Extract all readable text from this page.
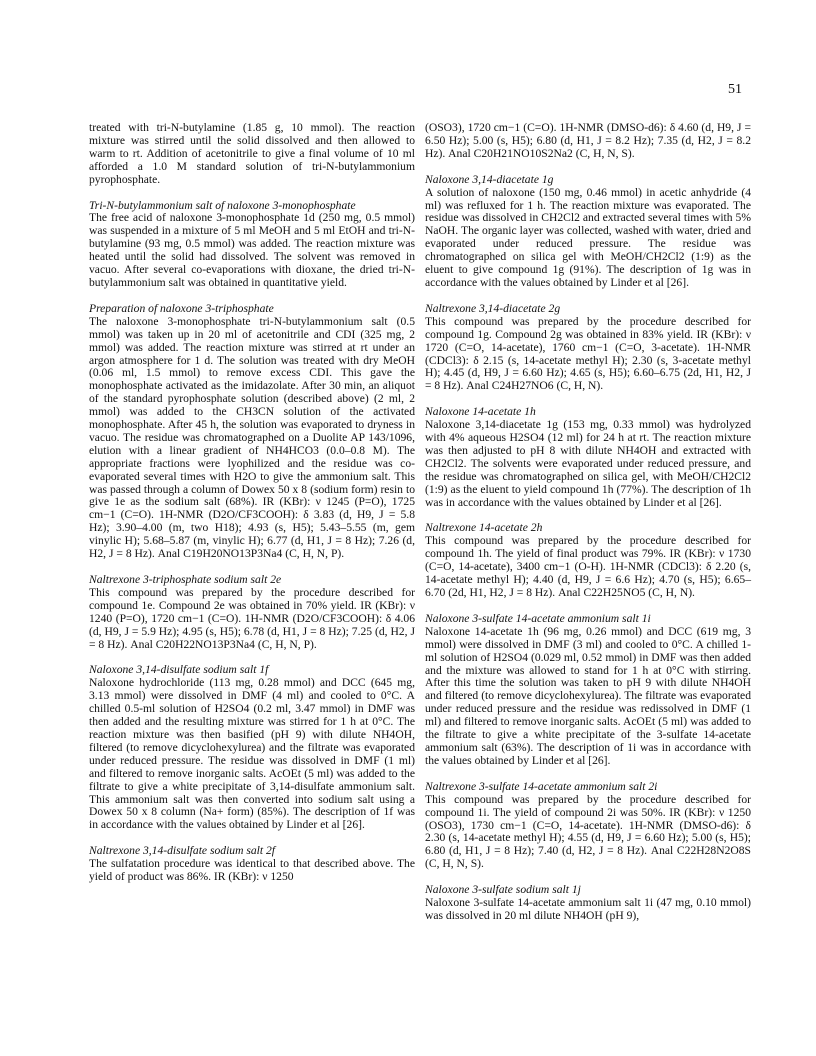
51

treated with tri-N-butylamine (1.85 g, 10 mmol). The reaction mixture was stirred until the solid dissolved and then allowed to warm to rt. Addition of acetonitrile to give a final volume of 10 ml afforded a 1.0 M standard solution of tri-N-butylammonium pyrophosphate.

Tri-N-butylammonium salt of naloxone 3-monophosphate

The free acid of naloxone 3-monophosphate 1d (250 mg, 0.5 mmol) was suspended in a mixture of 5 ml MeOH and 5 ml EtOH and tri-N-butylamine (93 mg, 0.5 mmol) was added. The reaction mixture was heated until the solid had dissolved. The solvent was removed in vacuo. After several co-evaporations with dioxane, the dried tri-N-butylammonium salt was obtained in quantitative yield.

Preparation of naloxone 3-triphosphate

The naloxone 3-monophosphate tri-N-butylammonium salt (0.5 mmol) was taken up in 20 ml of acetonitrile and CDI (325 mg, 2 mmol) was added. The reaction mixture was stirred at rt under an argon atmosphere for 1 d. The solution was treated with dry MeOH (0.06 ml, 1.5 mmol) to remove excess CDI. This gave the monophosphate activated as the imidazolate. After 30 min, an aliquot of the standard pyrophosphate solution (described above) (2 ml, 2 mmol) was added to the CH3CN solution of the activated monophosphate. After 45 h, the solution was evaporated to dryness in vacuo. The residue was chromatographed on a Duolite AP 143/1096, elution with a linear gradient of NH4HCO3 (0.0–0.8 M). The appropriate fractions were lyophilized and the residue was co-evaporated several times with H2O to give the ammonium salt. This was passed through a column of Dowex 50 x 8 (sodium form) resin to give 1e as the sodium salt (68%). IR (KBr): ν 1245 (P=O), 1725 cm−1 (C=O). 1H-NMR (D2O/CF3COOH): δ 3.83 (d, H9, J = 5.8 Hz); 3.90–4.00 (m, two H18); 4.93 (s, H5); 5.43–5.55 (m, gem vinylic H); 5.68–5.87 (m, vinylic H); 6.77 (d, H1, J = 8 Hz); 7.26 (d, H2, J = 8 Hz). Anal C19H20NO13P3Na4 (C, H, N, P).

Naltrexone 3-triphosphate sodium salt 2e

This compound was prepared by the procedure described for compound 1e. Compound 2e was obtained in 70% yield. IR (KBr): ν 1240 (P=O), 1720 cm−1 (C=O). 1H-NMR (D2O/CF3COOH): δ 4.06 (d, H9, J = 5.9 Hz); 4.95 (s, H5); 6.78 (d, H1, J = 8 Hz); 7.25 (d, H2, J = 8 Hz). Anal C20H22NO13P3Na4 (C, H, N, P).

Naloxone 3,14-disulfate sodium salt 1f

Naloxone hydrochloride (113 mg, 0.28 mmol) and DCC (645 mg, 3.13 mmol) were dissolved in DMF (4 ml) and cooled to 0°C. A chilled 0.5-ml solution of H2SO4 (0.2 ml, 3.47 mmol) in DMF was then added and the resulting mixture was stirred for 1 h at 0°C. The reaction mixture was then basified (pH 9) with dilute NH4OH, filtered (to remove dicyclohexylurea) and the filtrate was evaporated under reduced pressure. The residue was dissolved in DMF (1 ml) and filtered to remove inorganic salts. AcOEt (5 ml) was added to the filtrate to give a white precipitate of 3,14-disulfate ammonium salt. This ammonium salt was then converted into sodium salt using a Dowex 50 x 8 column (Na+ form) (85%). The description of 1f was in accordance with the values obtained by Linder et al [26].

Naltrexone 3,14-disulfate sodium salt 2f

The sulfatation procedure was identical to that described above. The yield of product was 86%. IR (KBr): ν 1250

(OSO3), 1720 cm−1 (C=O). 1H-NMR (DMSO-d6): δ 4.60 (d, H9, J = 6.50 Hz); 5.00 (s, H5); 6.80 (d, H1, J = 8.2 Hz); 7.35 (d, H2, J = 8.2 Hz). Anal C20H21NO10S2Na2 (C, H, N, S).

Naloxone 3,14-diacetate 1g

A solution of naloxone (150 mg, 0.46 mmol) in acetic anhydride (4 ml) was refluxed for 1 h. The reaction mixture was evaporated. The residue was dissolved in CH2Cl2 and extracted several times with 5% NaOH. The organic layer was collected, washed with water, dried and evaporated under reduced pressure. The residue was chromatographed on silica gel with MeOH/CH2Cl2 (1:9) as the eluent to give compound 1g (91%). The description of 1g was in accordance with the values obtained by Linder et al [26].

Naltrexone 3,14-diacetate 2g

This compound was prepared by the procedure described for compound 1g. Compound 2g was obtained in 83% yield. IR (KBr): ν 1720 (C=O, 14-acetate), 1760 cm−1 (C=O, 3-acetate). 1H-NMR (CDCl3): δ 2.15 (s, 14-acetate methyl H); 2.30 (s, 3-acetate methyl H); 4.45 (d, H9, J = 6.60 Hz); 4.65 (s, H5); 6.60–6.75 (2d, H1, H2, J = 8 Hz). Anal C24H27NO6 (C, H, N).

Naloxone 14-acetate 1h

Naloxone 3,14-diacetate 1g (153 mg, 0.33 mmol) was hydrolyzed with 4% aqueous H2SO4 (12 ml) for 24 h at rt. The reaction mixture was then adjusted to pH 8 with dilute NH4OH and extracted with CH2Cl2. The solvents were evaporated under reduced pressure, and the residue was chromatographed on silica gel, with MeOH/CH2Cl2 (1:9) as the eluent to yield compound 1h (77%). The description of 1h was in accordance with the values obtained by Linder et al [26].

Naltrexone 14-acetate 2h

This compound was prepared by the procedure described for compound 1h. The yield of final product was 79%. IR (KBr): ν 1730 (C=O, 14-acetate), 3400 cm−1 (O-H). 1H-NMR (CDCl3): δ 2.20 (s, 14-acetate methyl H); 4.40 (d, H9, J = 6.6 Hz); 4.70 (s, H5); 6.65–6.70 (2d, H1, H2, J = 8 Hz). Anal C22H25NO5 (C, H, N).

Naloxone 3-sulfate 14-acetate ammonium salt 1i

Naloxone 14-acetate 1h (96 mg, 0.26 mmol) and DCC (619 mg, 3 mmol) were dissolved in DMF (3 ml) and cooled to 0°C. A chilled 1-ml solution of H2SO4 (0.029 ml, 0.52 mmol) in DMF was then added and the mixture was allowed to stand for 1 h at 0°C with stirring. After this time the solution was taken to pH 9 with dilute NH4OH and filtered (to remove dicyclohexylurea). The filtrate was evaporated under reduced pressure and the residue was redissolved in DMF (1 ml) and filtered to remove inorganic salts. AcOEt (5 ml) was added to the filtrate to give a white precipitate of the 3-sulfate 14-acetate ammonium salt (63%). The description of 1i was in accordance with the values obtained by Linder et al [26].

Naltrexone 3-sulfate 14-acetate ammonium salt 2i

This compound was prepared by the procedure described for compound 1i. The yield of compound 2i was 50%. IR (KBr): ν 1250 (OSO3), 1730 cm−1 (C=O, 14-acetate). 1H-NMR (DMSO-d6): δ 2.30 (s, 14-acetate methyl H); 4.55 (d, H9, J = 6.60 Hz); 5.00 (s, H5); 6.80 (d, H1, J = 8 Hz); 7.40 (d, H2, J = 8 Hz). Anal C22H28N2O8S (C, H, N, S).

Naloxone 3-sulfate sodium salt 1j

Naloxone 3-sulfate 14-acetate ammonium salt 1i (47 mg, 0.10 mmol) was dissolved in 20 ml dilute NH4OH (pH 9),
